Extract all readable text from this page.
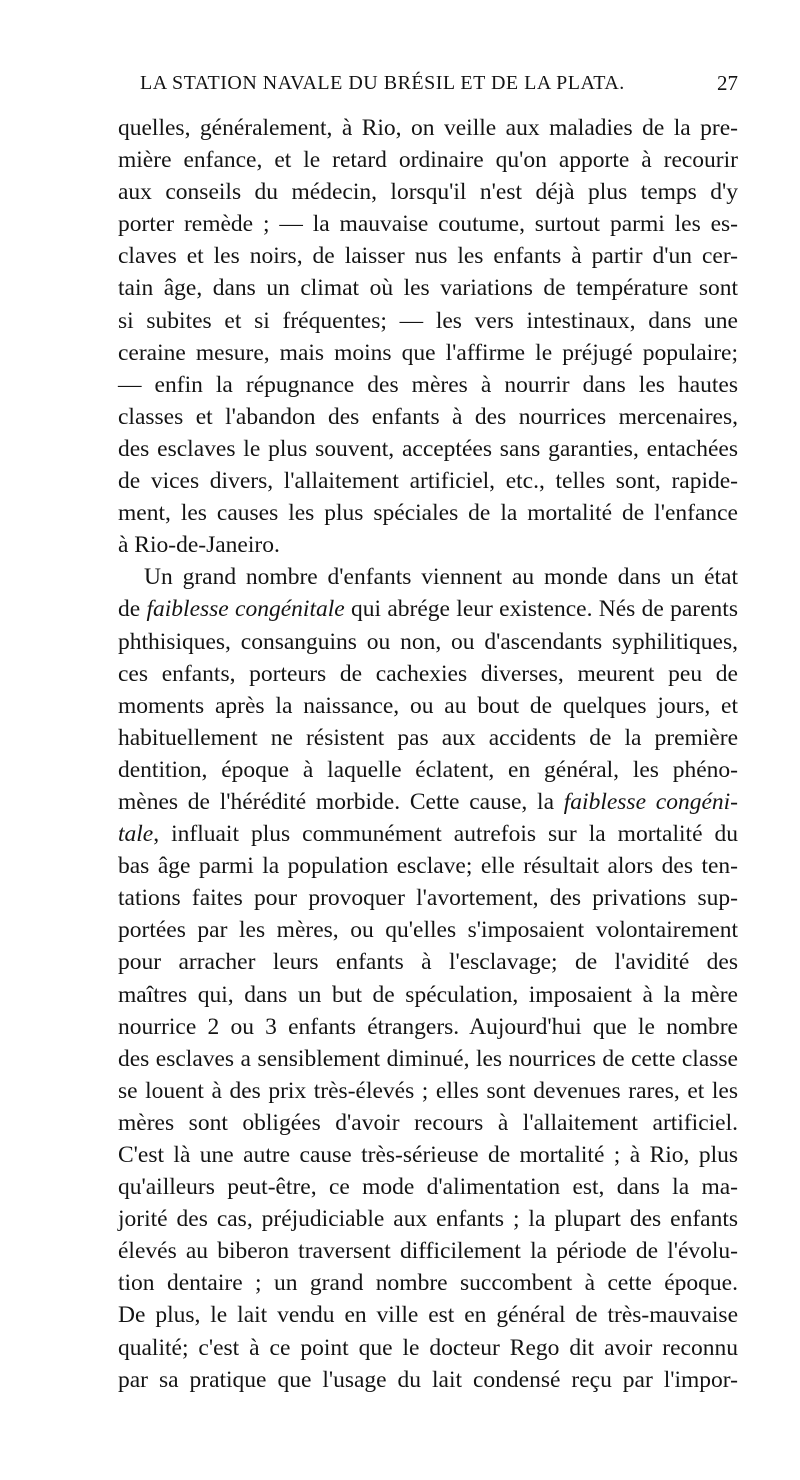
LA STATION NAVALE DU BRÉSIL ET DE LA PLATA.	27
quelles, généralement, à Rio, on veille aux maladies de la pre-
mière enfance, et le retard ordinaire qu'on apporte à recourir
aux conseils du médecin, lorsqu'il n'est déjà plus temps d'y
porter remède ; — la mauvaise coutume, surtout parmi les es-
claves et les noirs, de laisser nus les enfants à partir d'un cer-
tain âge, dans un climat où les variations de température sont
si subites et si fréquentes; — les vers intestinaux, dans une
ceraine mesure, mais moins que l'affirme le préjugé populaire;
— enfin la répugnance des mères à nourrir dans les hautes
classes et l'abandon des enfants à des nourrices mercenaires,
des esclaves le plus souvent, acceptées sans garanties, entachées
de vices divers, l'allaitement artificiel, etc., telles sont, rapide-
ment, les causes les plus spéciales de la mortalité de l'enfance
à Rio-de-Janeiro.
Un grand nombre d'enfants viennent au monde dans un état
de faiblesse congénitale qui abrége leur existence. Nés de parents
phthisiques, consanguins ou non, ou d'ascendants syphilitiques,
ces enfants, porteurs de cachexies diverses, meurent peu de
moments après la naissance, ou au bout de quelques jours, et
habituellement ne résistent pas aux accidents de la première
dentition, époque à laquelle éclatent, en général, les phéno-
mènes de l'hérédité morbide. Cette cause, la faiblesse congéni-
tale, influait plus communément autrefois sur la mortalité du
bas âge parmi la population esclave; elle résultait alors des ten-
tations faites pour provoquer l'avortement, des privations sup-
portées par les mères, ou qu'elles s'imposaient volontairement
pour arracher leurs enfants à l'esclavage; de l'avidité des
maîtres qui, dans un but de spéculation, imposaient à la mère
nourrice 2 ou 3 enfants étrangers. Aujourd'hui que le nombre
des esclaves a sensiblement diminué, les nourrices de cette classe
se louent à des prix très-élevés ; elles sont devenues rares, et les
mères sont obligées d'avoir recours à l'allaitement artificiel.
C'est là une autre cause très-sérieuse de mortalité ; à Rio, plus
qu'ailleurs peut-être, ce mode d'alimentation est, dans la ma-
jorité des cas, préjudiciable aux enfants ; la plupart des enfants
élevés au biberon traversent difficilement la période de l'évolu-
tion dentaire ; un grand nombre succombent à cette époque.
De plus, le lait vendu en ville est en général de très-mauvaise
qualité; c'est à ce point que le docteur Rego dit avoir reconnu
par sa pratique que l'usage du lait condensé reçu par l'impor-
